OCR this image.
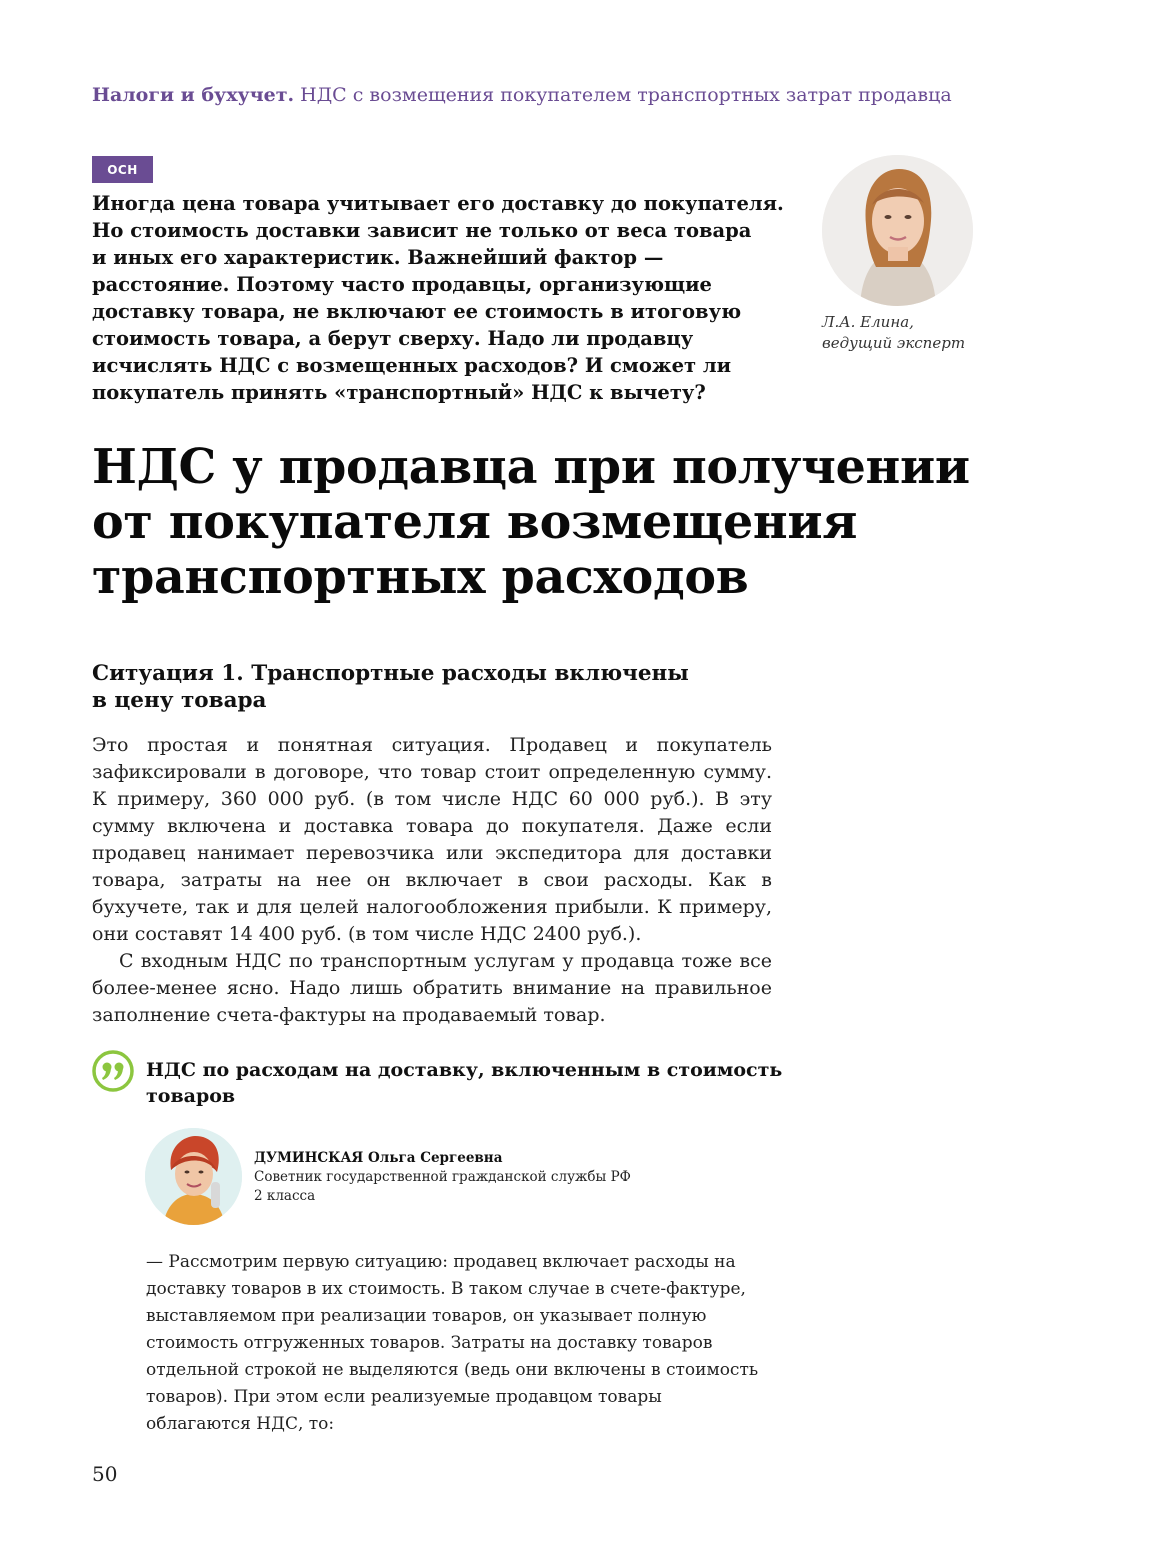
Налоги и бухучет. НДС с возмещения покупателем транспортных затрат продавца
ОСН
Иногда цена товара учитывает его доставку до покупателя.
Но стоимость доставки зависит не только от веса товара
и иных его характеристик. Важнейший фактор —
расстояние. Поэтому часто продавцы, организующие
доставку товара, не включают ее стоимость в итоговую
стоимость товара, а берут сверху. Надо ли продавцу
исчислять НДС с возмещенных расходов? И сможет ли
покупатель принять «транспортный» НДС к вычету?
Л.А. Елина,
ведущий эксперт
НДС у продавца при получении
от покупателя возмещения
транспортных расходов
Ситуация 1. Транспортные расходы включены
в цену товара

Это простая и понятная ситуация. Продавец и покупатель зафиксировали в договоре, что товар стоит определенную сумму. К примеру, 360 000 руб. (в том числе НДС 60 000 руб.). В эту сумму включена и доставка товара до покупателя. Даже если продавец нанимает перевозчика или экспедитора для доставки товара, затраты на нее он включает в свои расходы. Как в бухучете, так и для целей налогообложения прибыли. К примеру, они составят 14 400 руб. (в том числе НДС 2400 руб.).

С входным НДС по транспортным услугам у продавца тоже все более-менее ясно. Надо лишь обратить внимание на правильное заполнение счета-фактуры на продаваемый товар.

НДС по расходам на доставку, включенным в стоимость товаров
ДУМИНСКАЯ Ольга Сергеевна
Советник государственной гражданской службы РФ
2 класса

— Рассмотрим первую ситуацию: продавец включает расходы на доставку товаров в их стоимость. В таком случае в счете-фактуре, выставляемом при реализации товаров, он указывает полную стоимость отгруженных товаров. Затраты на доставку товаров отдельной строкой не выделяются (ведь они включены в стоимость товаров). При этом если реализуемые продавцом товары облагаются НДС, то:

50
